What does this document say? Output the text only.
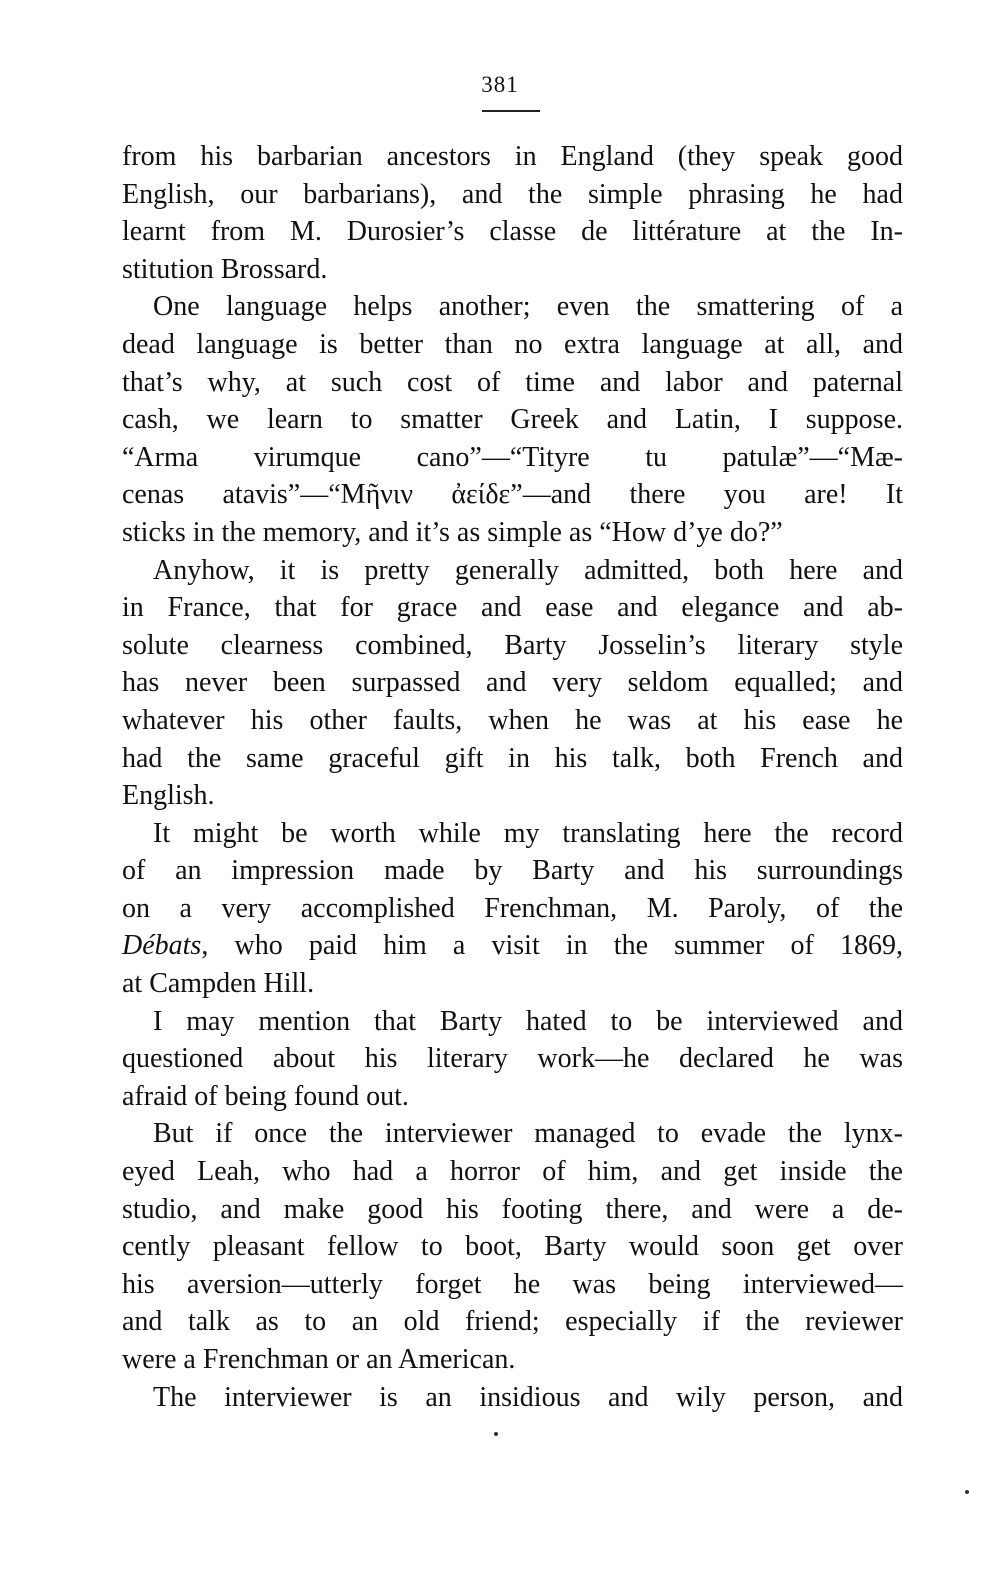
381
from his barbarian ancestors in England (they speak good
English, our barbarians), and the simple phrasing he had
learnt from M. Durosier’s classe de littérature at the In-
stitution Brossard.
One language helps another; even the smattering of a
dead language is better than no extra language at all, and
that’s why, at such cost of time and labor and paternal
cash, we learn to smatter Greek and Latin, I suppose.
“Arma virumque cano”—“Tityre tu patulæ”—“Mæ-
cenas atavis”—“Μῆνιν ἀείδε”—and there you are! It
sticks in the memory, and it’s as simple as “How d’ye do?”
Anyhow, it is pretty generally admitted, both here and
in France, that for grace and ease and elegance and ab-
solute clearness combined, Barty Josselin’s literary style
has never been surpassed and very seldom equalled; and
whatever his other faults, when he was at his ease he
had the same graceful gift in his talk, both French and
English.
It might be worth while my translating here the record
of an impression made by Barty and his surroundings
on a very accomplished Frenchman, M. Paroly, of the
Débats, who paid him a visit in the summer of 1869,
at Campden Hill.
I may mention that Barty hated to be interviewed and
questioned about his literary work—he declared he was
afraid of being found out.
But if once the interviewer managed to evade the lynx-
eyed Leah, who had a horror of him, and get inside the
studio, and make good his footing there, and were a de-
cently pleasant fellow to boot, Barty would soon get over
his aversion—utterly forget he was being interviewed—
and talk as to an old friend; especially if the reviewer
were a Frenchman or an American.
The interviewer is an insidious and wily person, and
